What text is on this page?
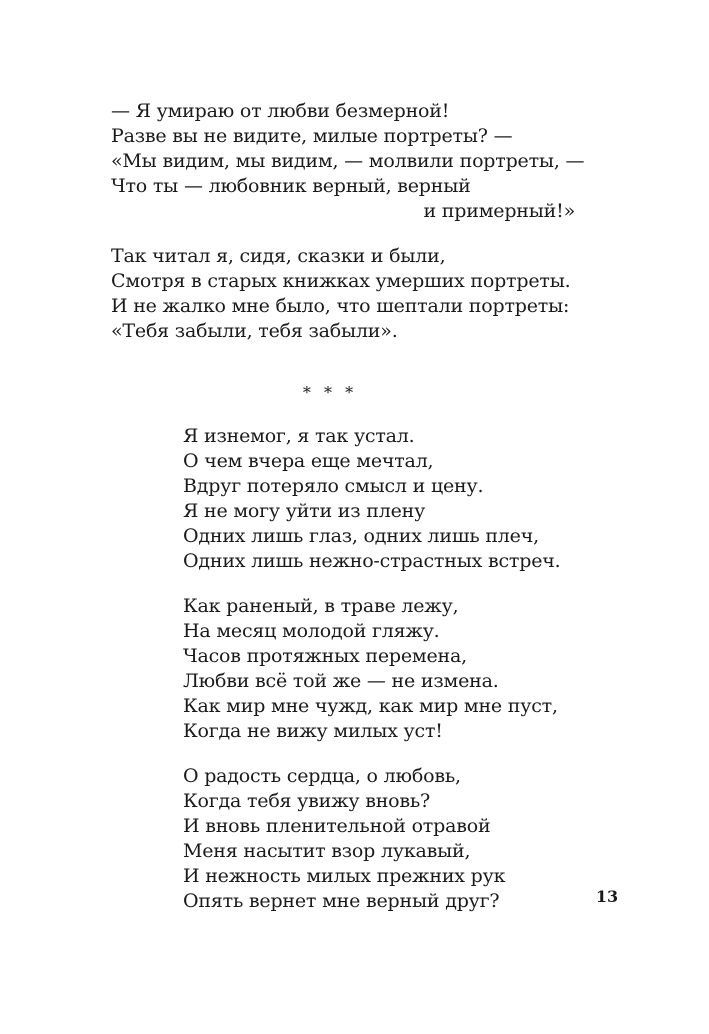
— Я умираю от любви безмерной!
Разве вы не видите, милые портреты? —
«Мы видим, мы видим, — молвили портреты, —
Что ты — любовник верный, верный
и примерный!»
Так читал я, сидя, сказки и были,
Смотря в старых книжках умерших портреты.
И не жалко мне было, что шептали портреты:
«Тебя забыли, тебя забыли».
* * *
Я изнемог, я так устал.
О чем вчера еще мечтал,
Вдруг потеряло смысл и цену.
Я не могу уйти из плену
Одних лишь глаз, одних лишь плеч,
Одних лишь нежно-страстных встреч.
Как раненый, в траве лежу,
На месяц молодой гляжу.
Часов протяжных перемена,
Любви всё той же — не измена.
Как мир мне чужд, как мир мне пуст,
Когда не вижу милых уст!
О радость сердца, о любовь,
Когда тебя увижу вновь?
И вновь пленительной отравой
Меня насытит взор лукавый,
И нежность милых прежних рук
Опять вернет мне верный друг?	13
